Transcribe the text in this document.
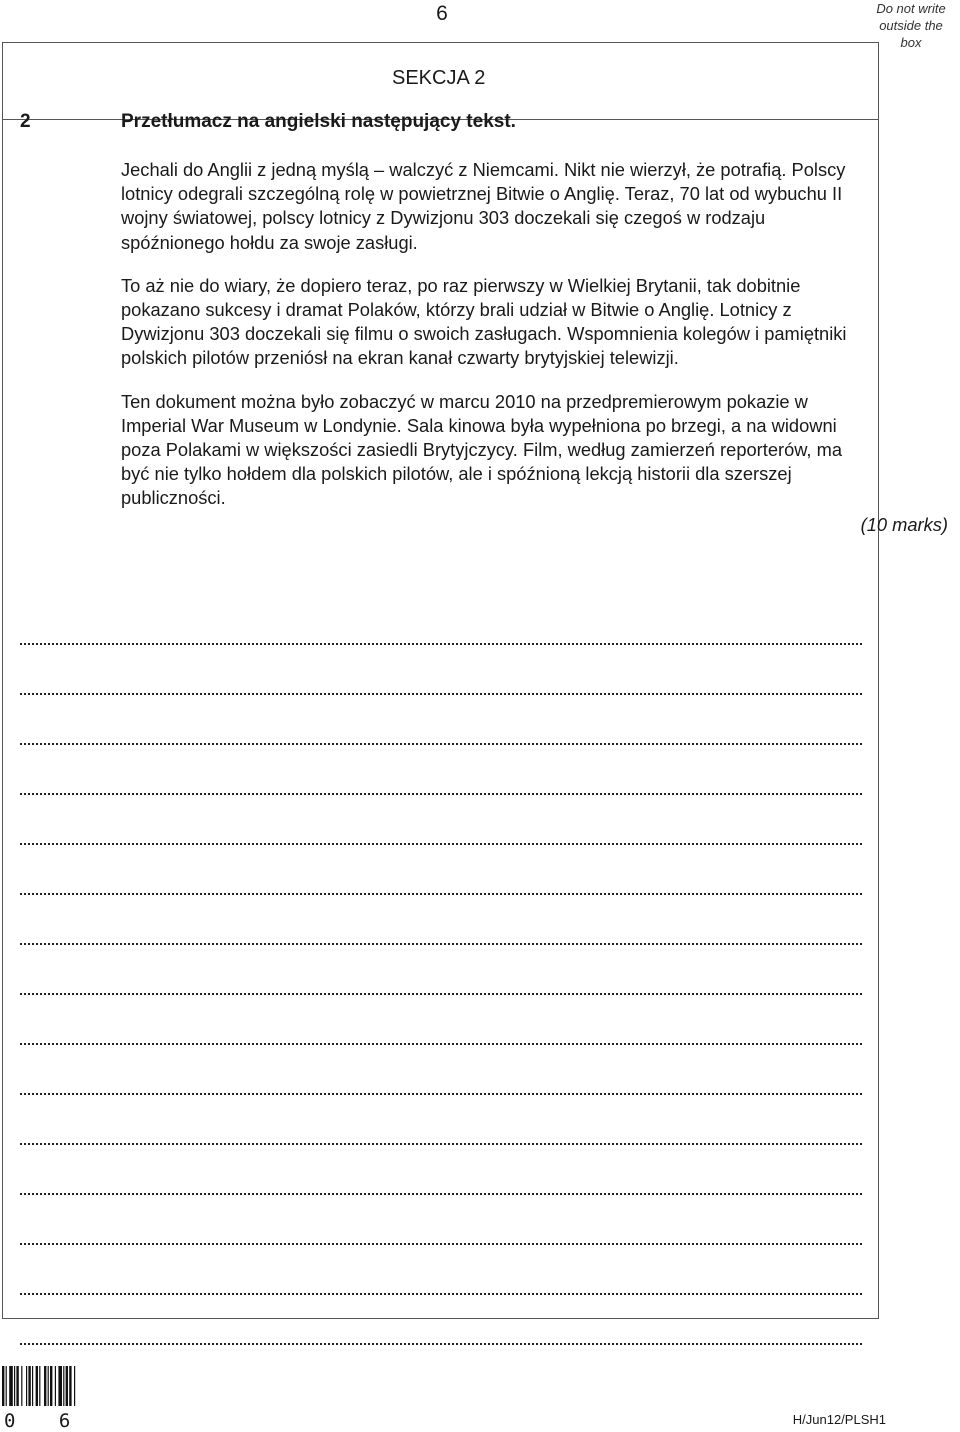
6	Do not write
outside the
box
SEKCJA 2
2	Przetłumacz na angielski następujący tekst.

Jechali do Anglii z jedną myślą – walczyć z Niemcami. Nikt nie wierzył, że potrafią. Polscy lotnicy odegrali szczególną rolę w powietrznej Bitwie o Anglię. Teraz, 70 lat od wybuchu II wojny światowej, polscy lotnicy z Dywizjonu 303 doczekali się czegoś w rodzaju spóźnionego hołdu za swoje zasługi.

To aż nie do wiary, że dopiero teraz, po raz pierwszy w Wielkiej Brytanii, tak dobitnie pokazano sukcesy i dramat Polaków, którzy brali udział w Bitwie o Anglię. Lotnicy z Dywizjonu 303 doczekali się filmu o swoich zasługach. Wspomnienia kolegów i pamiętniki polskich pilotów przeniósł na ekran kanał czwarty brytyjskiej telewizji.

Ten dokument można było zobaczyć w marcu 2010 na przedpremierowym pokazie w Imperial War Museum w Londynie. Sala kinowa była wypełniona po brzegi, a na widowni poza Polakami w większości zasiedli Brytyjczycy. Film, według zamierzeń reporterów, ma być nie tylko hołdem dla polskich pilotów, ale i spóźnioną lekcją historii dla szerszej publiczności.

(10 marks)
0 6	H/Jun12/PLSH1
